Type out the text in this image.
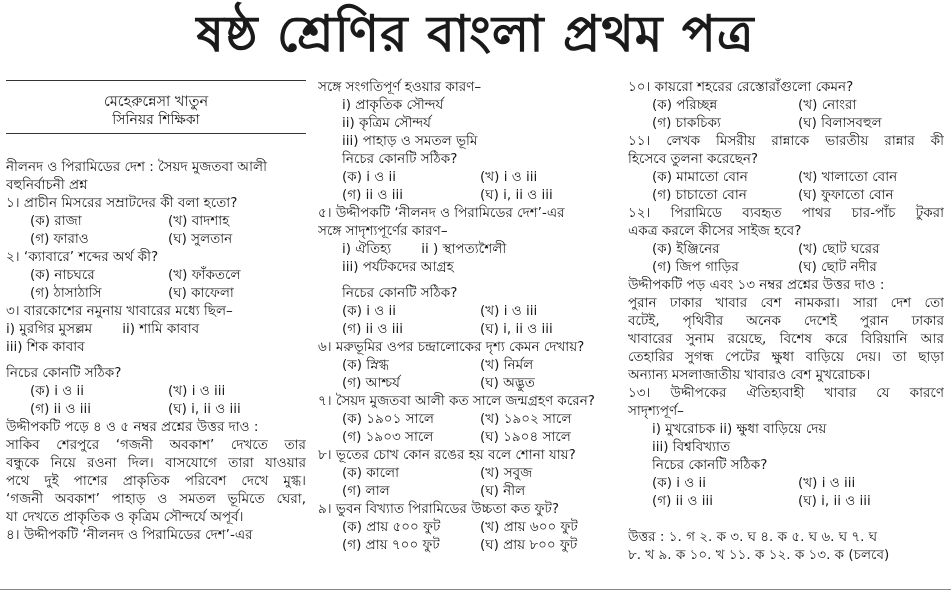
ষষ্ঠ শ্রেণির বাংলা প্রথম পত্র
মেহেরুন্নেসা খাতুন
সিনিয়র শিক্ষিকা
নীলনদ ও পিরামিডের দেশ : সৈয়দ মুজতবা আলী
বহুনির্বাচনী প্রশ্ন
১। প্রাচীন মিসরের সম্রাটদের কী বলা হতো?
(ক) রাজা	(খ) বাদশাহ
(গ) ফারাও	(ঘ) সুলতান
২। ‘ক্যাবারে’ শব্দের অর্থ কী?
(ক) নাচঘরে	(খ) ফাঁকতলে
(গ) ঠাসাঠাসি	(ঘ) কাফেলা
৩। বারকোশের নমুনায় খাবারের মধ্যে ছিল–
i) মুরগির মুসল্লম       ii) শামি কাবাব
iii) শিক কাবাব
নিচের কোনটি সঠিক?
(ক) i ও ii	(খ) i ও iii
(গ) ii ও iii	(ঘ) i, ii ও iii
উদ্দীপকটি পড়ে ৪ ও ৫ নম্বর প্রশ্নের উত্তর দাও :
সাকিব শেরপুরে ‘গজনী অবকাশ’ দেখতে তার
বন্ধুকে নিয়ে রওনা দিল। বাসযোগে তারা যাওয়ার
পথে দুই পাশের প্রাকৃতিক পরিবেশ দেখে মুগ্ধ।
‘গজনী অবকাশ’ পাহাড় ও সমতল ভূমিতে ঘেরা,
যা দেখতে প্রাকৃতিক ও কৃত্রিম সৌন্দর্যে অপূর্ব।
৪। উদ্দীপকটি ‘নীলনদ ও পিরামিডের দেশ’-এর
সঙ্গে সংগতিপূর্ণ হওয়ার কারণ–
i) প্রাকৃতিক সৌন্দর্য
ii) কৃত্রিম সৌন্দর্য
iii) পাহাড় ও সমতল ভূমি
নিচের কোনটি সঠিক?
(ক) i ও ii	(খ) i ও iii
(গ) ii ও iii	(ঘ) i, ii ও iii
৫। উদ্দীপকটি ‘নীলনদ ও পিরামিডের দেশ’-এর
সঙ্গে সাদৃশ্যপূর্ণের কারণ–
i) ঐতিহ্য       ii ) স্থাপত্যশৈলী
iii) পর্যটকদের আগ্রহ
নিচের কোনটি সঠিক?
(ক) i ও ii	(খ) i ও iii
(গ) ii ও iii	(ঘ) i, ii ও iii
৬। মরুভূমির ওপর চন্দ্রালোকের দৃশ্য কেমন দেখায়?
(ক) স্নিগ্ধ	(খ) নির্মল
(গ) আশ্চর্য	(ঘ) অদ্ভুত
৭। সৈয়দ মুজতবা আলী কত সালে জন্মগ্রহণ করেন?
(ক) ১৯০১ সালে	(খ) ১৯০২ সালে
(গ) ১৯০৩ সালে	(ঘ) ১৯০৪ সালে
৮। ভূতের চোখ কোন রঙের হয় বলে শোনা যায়?
(ক) কালো	(খ) সবুজ
(গ) লাল	(ঘ) নীল
৯। ভুবন বিখ্যাত পিরামিডের উচ্চতা কত ফুট?
(ক) প্রায় ৫০০ ফুট	(খ) প্রায় ৬০০ ফুট
(গ) প্রায় ৭০০ ফুট	(ঘ) প্রায় ৮০০ ফুট
১০। কায়রো শহরের রেস্তোরাঁগুলো কেমন?
(ক) পরিচ্ছন্ন	(খ) নোংরা
(গ) চাকচিক্য	(ঘ) বিলাসবহুল
১১। লেখক মিসরীয় রান্নাকে ভারতীয় রান্নার কী
হিসেবে তুলনা করেছেন?
(ক) মামাতো বোন	(খ) খালাতো বোন
(গ) চাচাতো বোন	(ঘ) ফুফাতো বোন
১২। পিরামিডে ব্যবহৃত পাথর চার-পাঁচ টুকরা
একত্র করলে কীসের সাইজ হবে?
(ক) ইঞ্জিনের	(খ) ছোট ঘরের
(গ) জিপ গাড়ির	(ঘ) ছোট নদীর
উদ্দীপকটি পড় এবং ১৩ নম্বর প্রশ্নের উত্তর দাও :
পুরান ঢাকার খাবার বেশ নামকরা। সারা দেশ তো
বটেই, পৃথিবীর অনেক দেশেই পুরান ঢাকার
খাবারের সুনাম রয়েছে, বিশেষ করে বিরিয়ানি আর
তেহারির সুগন্ধ পেটের ক্ষুধা বাড়িয়ে দেয়। তা ছাড়া
অন্যান্য মসলাজাতীয় খাবারও বেশ মুখরোচক।
১৩। উদ্দীপকের ঐতিহ্যবাহী খাবার যে কারণে
সাদৃশ্যপূর্ণ–
i) মুখরোচক ii) ক্ষুধা বাড়িয়ে দেয়
iii) বিশ্ববিখ্যাত
নিচের কোনটি সঠিক?
(ক) i ও ii	(খ) i ও iii
(গ) ii ও iii	(ঘ) i, ii ও iii
উত্তর : ১. গ ২. ক ৩. ঘ ৪. ক ৫. ঘ ৬. ঘ ৭. ঘ
৮. খ ৯. ক ১০. খ ১১. ক ১২. ক ১৩. ক (চলবে)
